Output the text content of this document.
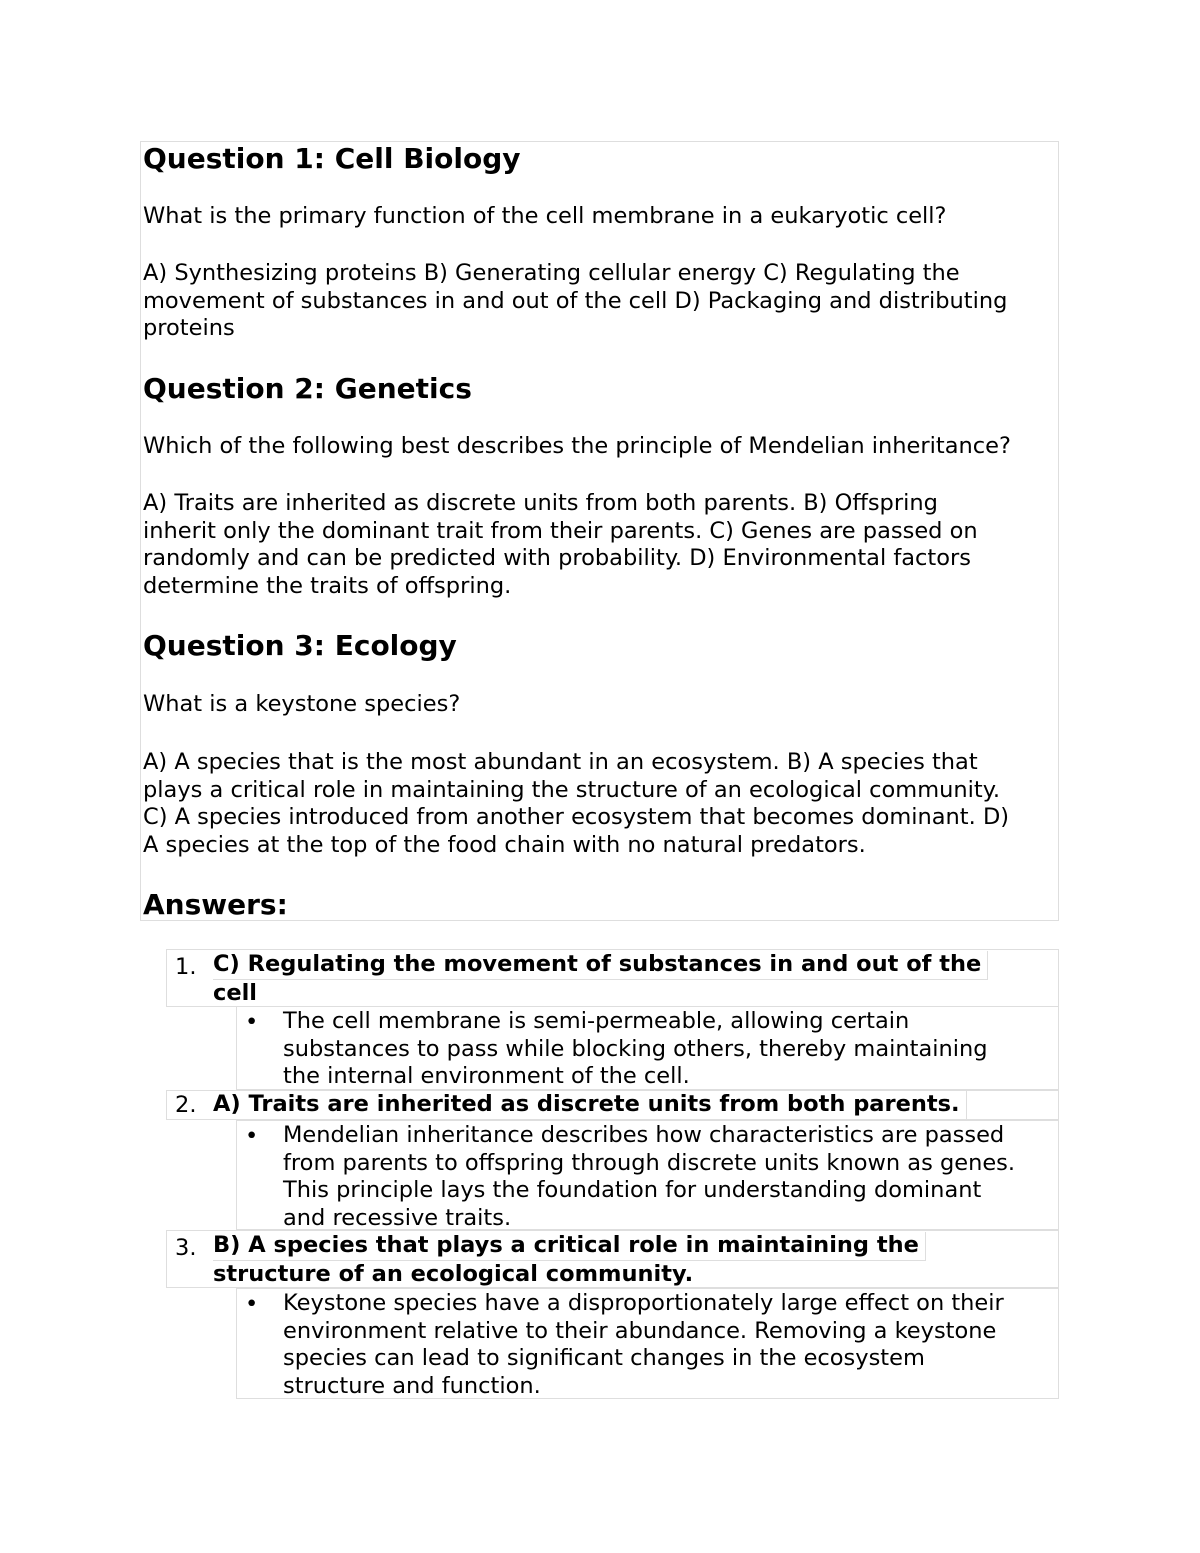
Question 1: Cell Biology

What is the primary function of the cell membrane in a eukaryotic cell?

A) Synthesizing proteins B) Generating cellular energy C) Regulating the
movement of substances in and out of the cell D) Packaging and distributing
proteins
Question 2: Genetics

Which of the following best describes the principle of Mendelian inheritance?

A) Traits are inherited as discrete units from both parents. B) Offspring
inherit only the dominant trait from their parents. C) Genes are passed on
randomly and can be predicted with probability. D) Environmental factors
determine the traits of offspring.
Question 3: Ecology

What is a keystone species?

A) A species that is the most abundant in an ecosystem. B) A species that
plays a critical role in maintaining the structure of an ecological community.
C) A species introduced from another ecosystem that becomes dominant. D)
A species at the top of the food chain with no natural predators.
Answers:
1. C) Regulating the movement of substances in and out of the
cell
• The cell membrane is semi-permeable, allowing certain
substances to pass while blocking others, thereby maintaining
the internal environment of the cell.
2. A) Traits are inherited as discrete units from both parents.
• Mendelian inheritance describes how characteristics are passed
from parents to offspring through discrete units known as genes.
This principle lays the foundation for understanding dominant
and recessive traits.
3. B) A species that plays a critical role in maintaining the
structure of an ecological community.
• Keystone species have a disproportionately large effect on their
environment relative to their abundance. Removing a keystone
species can lead to significant changes in the ecosystem
structure and function.
